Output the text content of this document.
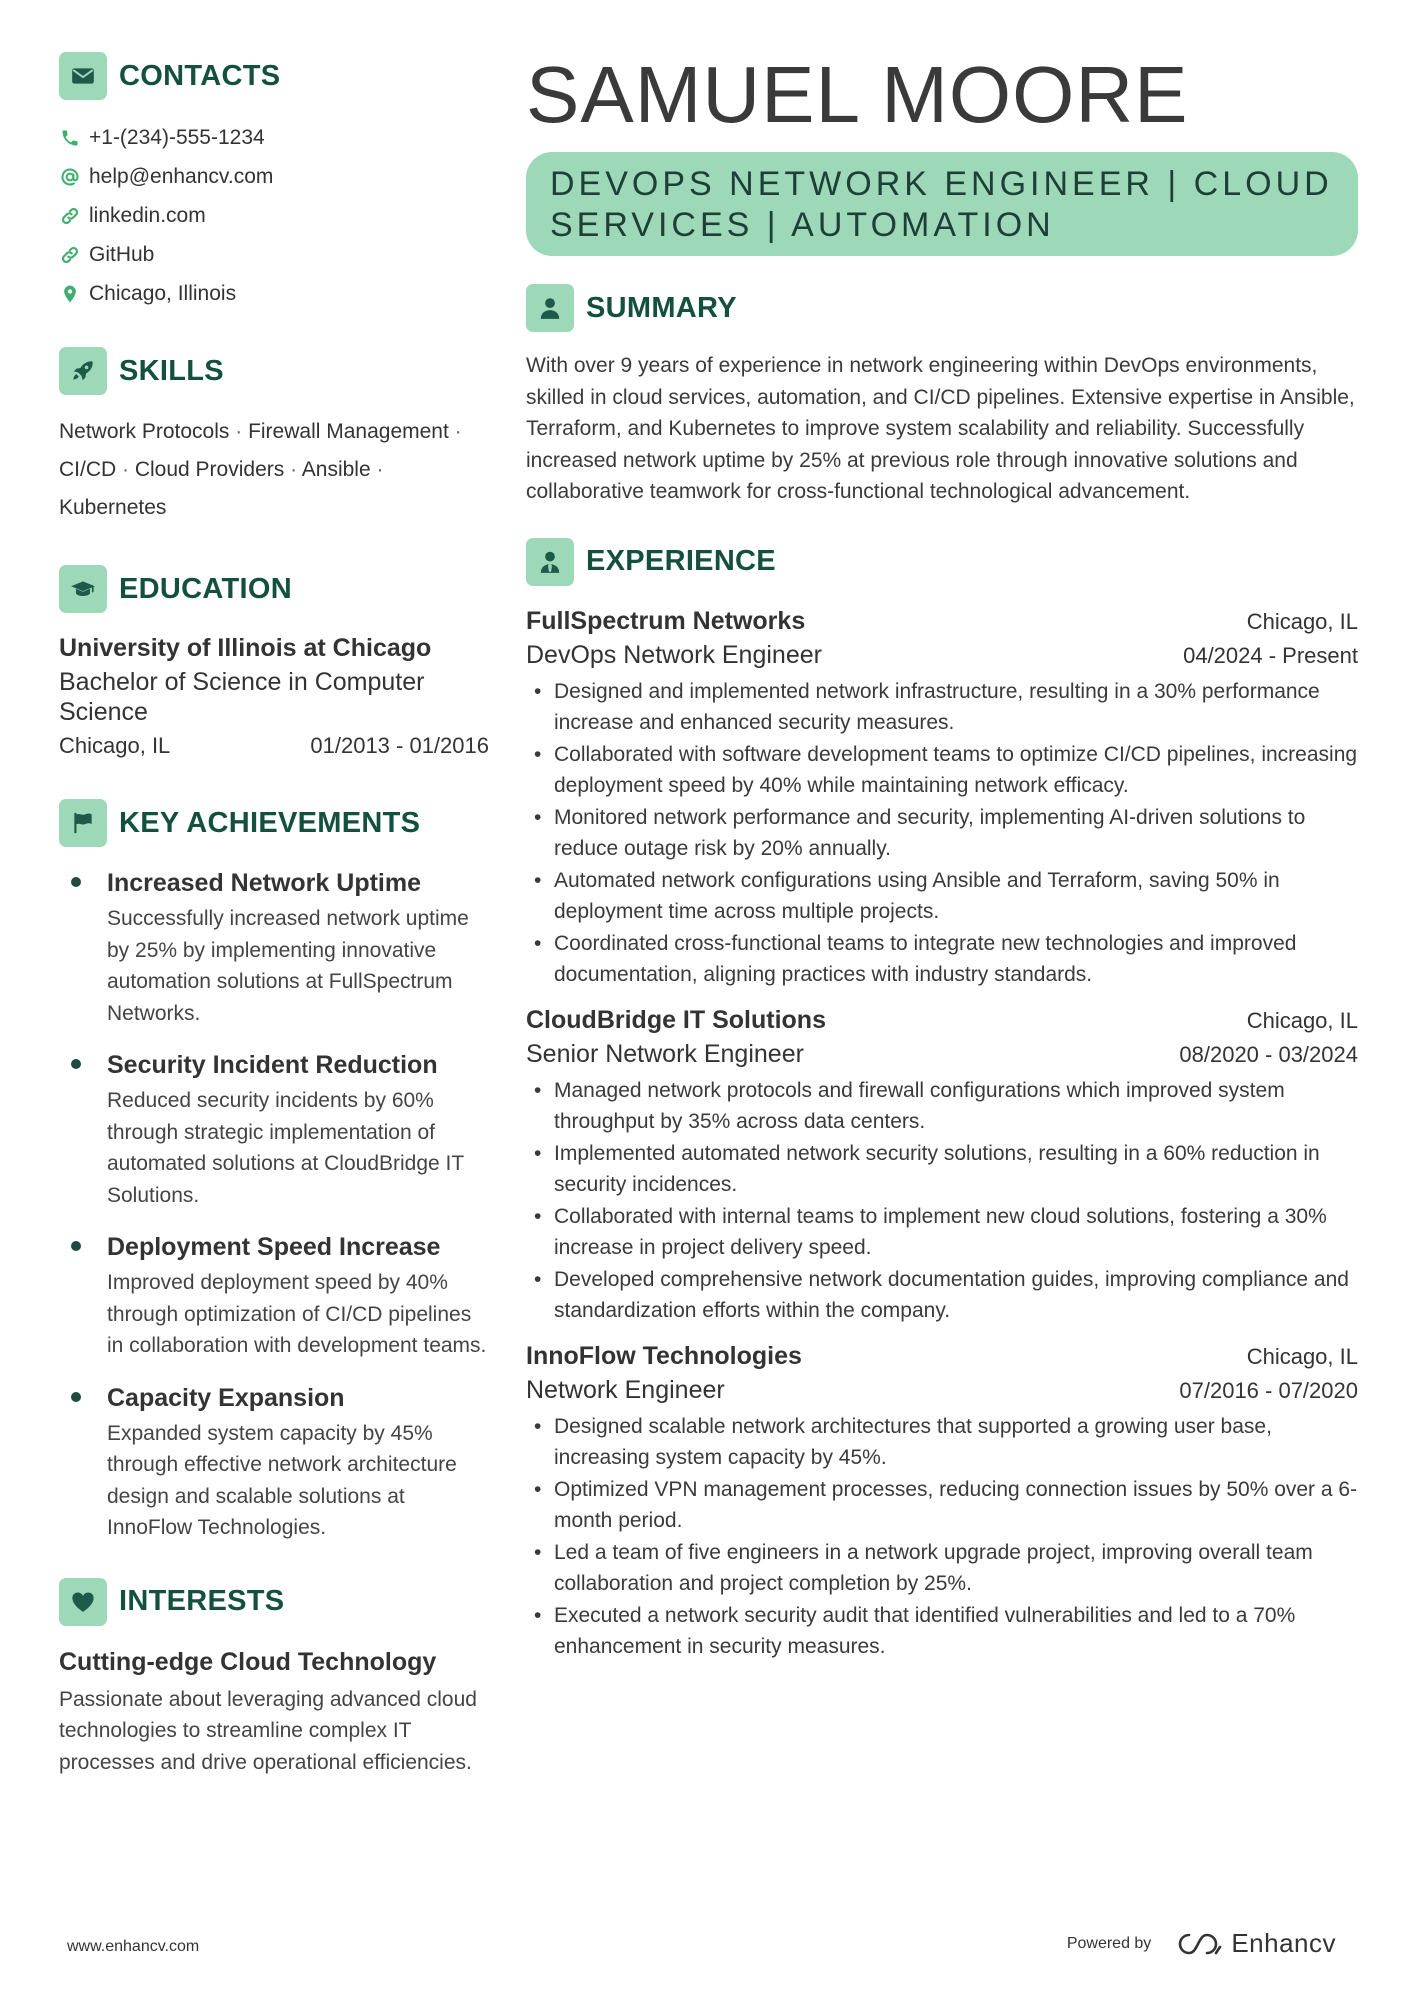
CONTACTS
+1-(234)-555-1234
help@enhancv.com
linkedin.com
GitHub
Chicago, Illinois
SKILLS
Network Protocols · Firewall Management · CI/CD · Cloud Providers · Ansible · Kubernetes
EDUCATION
University of Illinois at Chicago
Bachelor of Science in Computer Science
Chicago, IL	01/2013 - 01/2016
KEY ACHIEVEMENTS
Increased Network Uptime
Successfully increased network uptime by 25% by implementing innovative automation solutions at FullSpectrum Networks.
Security Incident Reduction
Reduced security incidents by 60% through strategic implementation of automated solutions at CloudBridge IT Solutions.
Deployment Speed Increase
Improved deployment speed by 40% through optimization of CI/CD pipelines in collaboration with development teams.
Capacity Expansion
Expanded system capacity by 45% through effective network architecture design and scalable solutions at InnoFlow Technologies.
INTERESTS
Cutting-edge Cloud Technology
Passionate about leveraging advanced cloud technologies to streamline complex IT processes and drive operational efficiencies.
SAMUEL MOORE
DEVOPS NETWORK ENGINEER | CLOUD SERVICES | AUTOMATION
SUMMARY
With over 9 years of experience in network engineering within DevOps environments, skilled in cloud services, automation, and CI/CD pipelines. Extensive expertise in Ansible, Terraform, and Kubernetes to improve system scalability and reliability. Successfully increased network uptime by 25% at previous role through innovative solutions and collaborative teamwork for cross-functional technological advancement.
EXPERIENCE
FullSpectrum Networks	Chicago, IL
DevOps Network Engineer	04/2024 - Present
• Designed and implemented network infrastructure, resulting in a 30% performance increase and enhanced security measures.
• Collaborated with software development teams to optimize CI/CD pipelines, increasing deployment speed by 40% while maintaining network efficacy.
• Monitored network performance and security, implementing AI-driven solutions to reduce outage risk by 20% annually.
• Automated network configurations using Ansible and Terraform, saving 50% in deployment time across multiple projects.
• Coordinated cross-functional teams to integrate new technologies and improved documentation, aligning practices with industry standards.
CloudBridge IT Solutions	Chicago, IL
Senior Network Engineer	08/2020 - 03/2024
• Managed network protocols and firewall configurations which improved system throughput by 35% across data centers.
• Implemented automated network security solutions, resulting in a 60% reduction in security incidences.
• Collaborated with internal teams to implement new cloud solutions, fostering a 30% increase in project delivery speed.
• Developed comprehensive network documentation guides, improving compliance and standardization efforts within the company.
InnoFlow Technologies	Chicago, IL
Network Engineer	07/2016 - 07/2020
• Designed scalable network architectures that supported a growing user base, increasing system capacity by 45%.
• Optimized VPN management processes, reducing connection issues by 50% over a 6-month period.
• Led a team of five engineers in a network upgrade project, improving overall team collaboration and project completion by 25%.
• Executed a network security audit that identified vulnerabilities and led to a 70% enhancement in security measures.
www.enhancv.com	Powered by	Enhancv
